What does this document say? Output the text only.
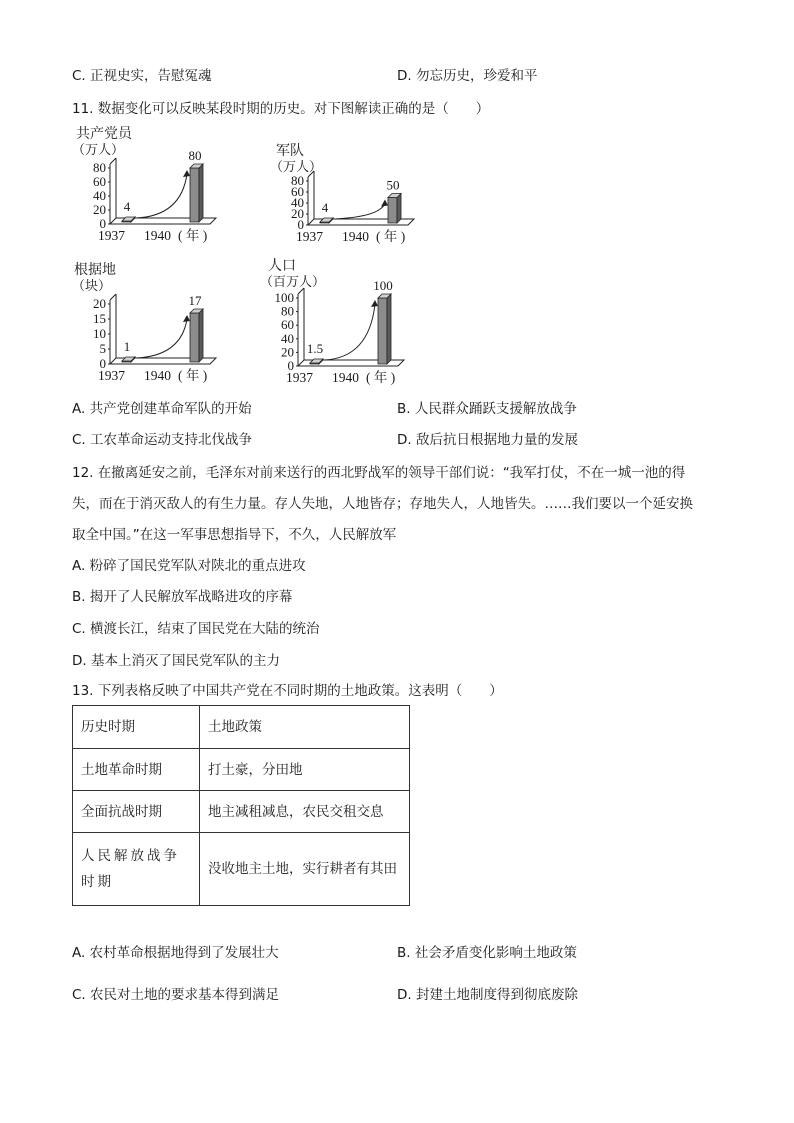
C. 正视史实，告慰冤魂	D. 勿忘历史，珍爱和平
11. 数据变化可以反映某段时期的历史。对下图解读正确的是（　　）
共产党员
（万人）
80
60
40
20
0
4
80
1937 1940 ( 年 )
军队
（万人）
80
60
40
20
0
4
50
1937 1940 ( 年 )
根据地
（块）
20
15
10
5
0
1
17
1937 1940 ( 年 )
人口
（百万人）
100
80
60
40
20
0
1.5
100
1937 1940 ( 年 )
A. 共产党创建革命军队的开始	B. 人民群众踊跃支援解放战争
C. 工农革命运动支持北伐战争	D. 敌后抗日根据地力量的发展
12. 在撤离延安之前，毛泽东对前来送行的西北野战军的领导干部们说：“我军打仗，不在一城一池的得
失，而在于消灭敌人的有生力量。存人失地，人地皆存；存地失人，人地皆失。……我们要以一个延安换
取全中国。”在这一军事思想指导下，不久，人民解放军
A. 粉碎了国民党军队对陕北的重点进攻
B. 揭开了人民解放军战略进攻的序幕
C. 横渡长江，结束了国民党在大陆的统治
D. 基本上消灭了国民党军队的主力
13. 下列表格反映了中国共产党在不同时期的土地政策。这表明（　　）
历史时期	土地政策
土地革命时期	打土豪，分田地
全面抗战时期	地主减租减息，农民交租交息
人民解放战争时期	没收地主土地，实行耕者有其田
A. 农村革命根据地得到了发展壮大	B. 社会矛盾变化影响土地政策
C. 农民对土地的要求基本得到满足	D. 封建土地制度得到彻底废除
